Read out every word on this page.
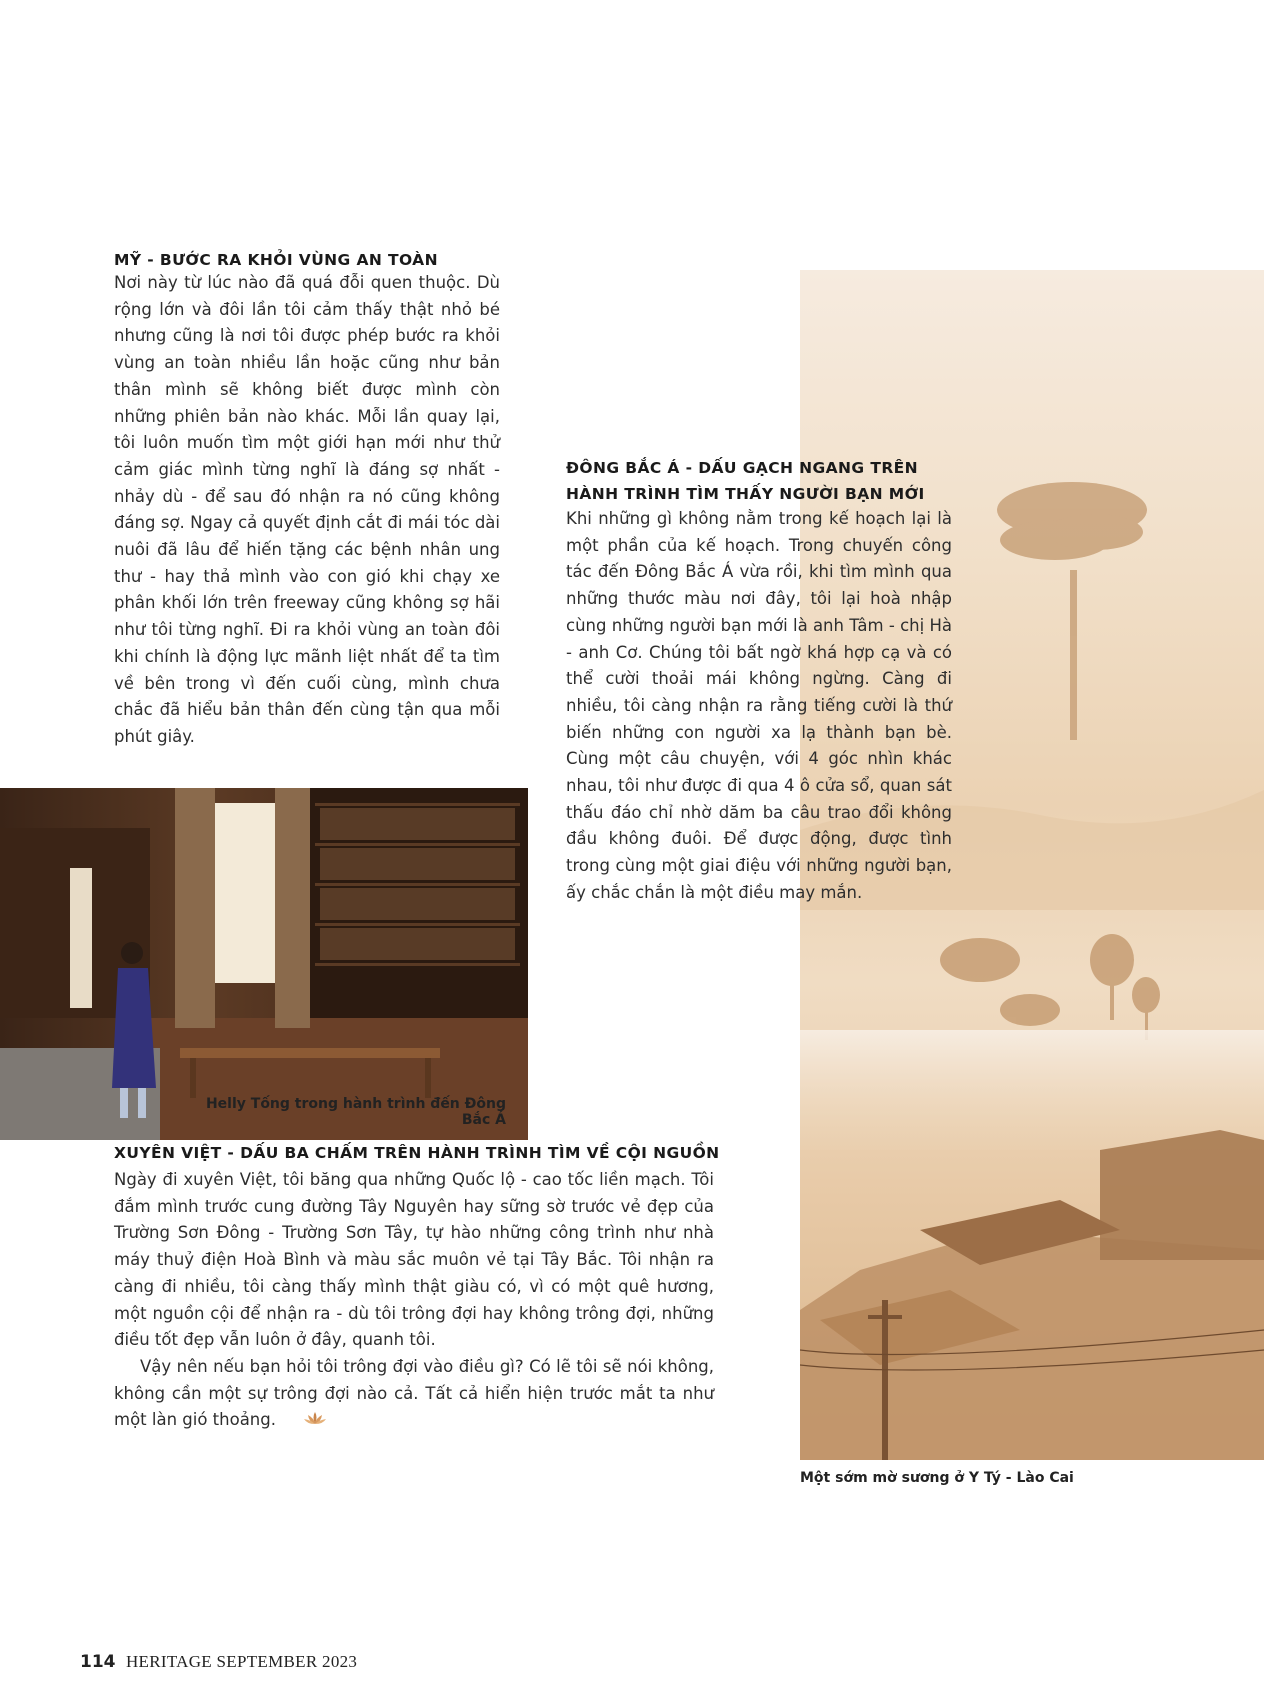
MỸ - BƯỚC RA KHỎI VÙNG AN TOÀN

Nơi này từ lúc nào đã quá đỗi quen thuộc. Dù rộng lớn và đôi lần tôi cảm thấy thật nhỏ bé nhưng cũng là nơi tôi được phép bước ra khỏi vùng an toàn nhiều lần hoặc cũng như bản thân mình sẽ không biết được mình còn những phiên bản nào khác. Mỗi lần quay lại, tôi luôn muốn tìm một giới hạn mới như thử cảm giác mình từng nghĩ là đáng sợ nhất - nhảy dù - để sau đó nhận ra nó cũng không đáng sợ. Ngay cả quyết định cắt đi mái tóc dài nuôi đã lâu để hiến tặng các bệnh nhân ung thư - hay thả mình vào con gió khi chạy xe phân khối lớn trên freeway cũng không sợ hãi như tôi từng nghĩ. Đi ra khỏi vùng an toàn đôi khi chính là động lực mãnh liệt nhất để ta tìm về bên trong vì đến cuối cùng, mình chưa chắc đã hiểu bản thân đến cùng tận qua mỗi phút giây.

ĐÔNG BẮC Á - DẤU GẠCH NGANG TRÊN
HÀNH TRÌNH TÌM THẤY NGƯỜI BẠN MỚI

Khi những gì không nằm trong kế hoạch lại là một phần của kế hoạch. Trong chuyến công tác đến Đông Bắc Á vừa rồi, khi tìm mình qua những thước màu nơi đây, tôi lại hoà nhập cùng những người bạn mới là anh Tâm - chị Hà - anh Cơ. Chúng tôi bất ngờ khá hợp cạ và có thể cười thoải mái không ngừng. Càng đi nhiều, tôi càng nhận ra rằng tiếng cười là thứ biến những con người xa lạ thành bạn bè. Cùng một câu chuyện, với 4 góc nhìn khác nhau, tôi như được đi qua 4 ô cửa sổ, quan sát thấu đáo chỉ nhờ dăm ba câu trao đổi không đầu không đuôi. Để được động, được tình trong cùng một giai điệu với những người bạn, ấy chắc chắn là một điều may mắn.

Helly Tống trong hành trình đến Đông Bắc Á
XUYÊN VIỆT - DẤU BA CHẤM TRÊN HÀNH TRÌNH TÌM VỀ CỘI NGUỒN

Ngày đi xuyên Việt, tôi băng qua những Quốc lộ - cao tốc liền mạch. Tôi đắm mình trước cung đường Tây Nguyên hay sững sờ trước vẻ đẹp của Trường Sơn Đông - Trường Sơn Tây, tự hào những công trình như nhà máy thuỷ điện Hoà Bình và màu sắc muôn vẻ tại Tây Bắc. Tôi nhận ra càng đi nhiều, tôi càng thấy mình thật giàu có, vì có một quê hương, một nguồn cội để nhận ra - dù tôi trông đợi hay không trông đợi, những điều tốt đẹp vẫn luôn ở đây, quanh tôi.

Vậy nên nếu bạn hỏi tôi trông đợi vào điều gì? Có lẽ tôi sẽ nói không, không cần một sự trông đợi nào cả. Tất cả hiển hiện trước mắt ta như một làn gió thoảng.

Một sớm mờ sương ở Y Tý - Lào Cai
114 HERITAGE SEPTEMBER 2023
